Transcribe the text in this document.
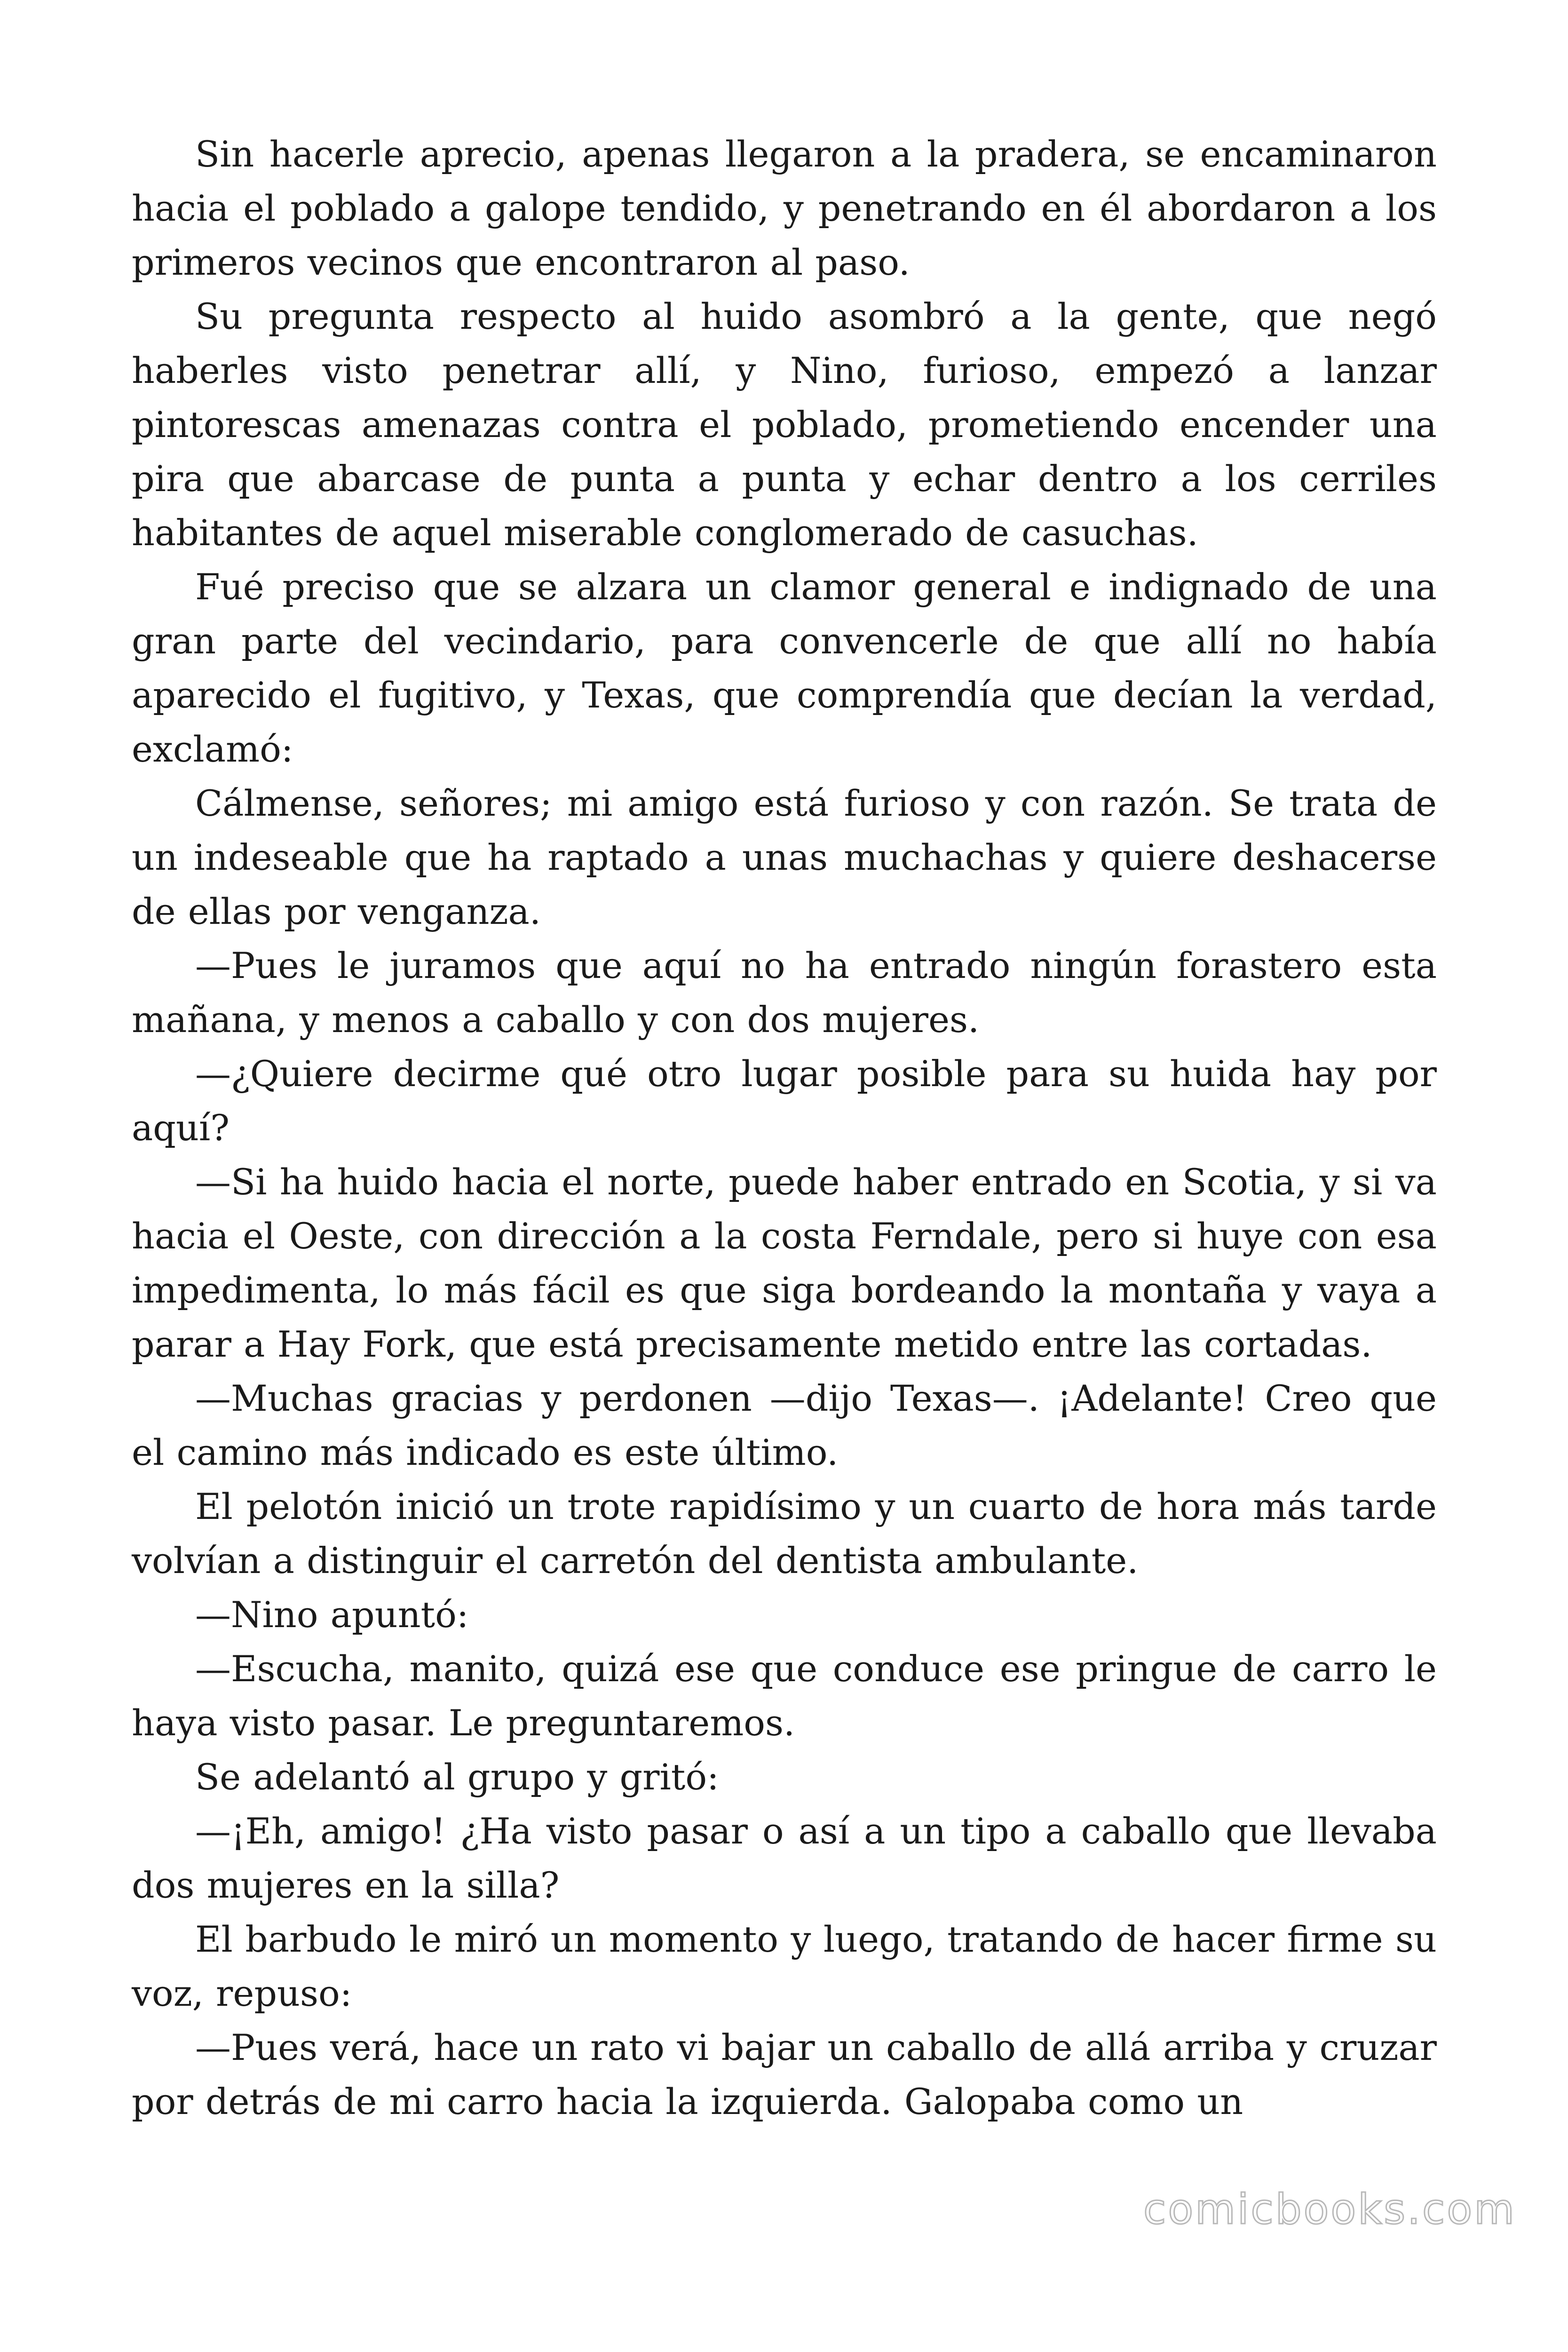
Sin hacerle aprecio, apenas llegaron a la pradera, se encaminaron hacia el poblado a galope tendido, y penetrando en él abordaron a los primeros vecinos que encontraron al paso.

Su pregunta respecto al huido asombró a la gente, que negó haberles visto penetrar allí, y Nino, furioso, empezó a lanzar pintorescas amenazas contra el poblado, prometiendo encender una pira que abarcase de punta a punta y echar dentro a los cerriles habitantes de aquel miserable conglomerado de casuchas.

Fué preciso que se alzara un clamor general e indignado de una gran parte del vecindario, para convencerle de que allí no había aparecido el fugitivo, y Texas, que comprendía que decían la verdad, exclamó:

Cálmense, señores; mi amigo está furioso y con razón. Se trata de un indeseable que ha raptado a unas muchachas y quiere deshacerse de ellas por venganza.

—Pues le juramos que aquí no ha entrado ningún forastero esta mañana, y menos a caballo y con dos mujeres.

—¿Quiere decirme qué otro lugar posible para su huida hay por aquí?

—Si ha huido hacia el norte, puede haber entrado en Scotia, y si va hacia el Oeste, con dirección a la costa Ferndale, pero si huye con esa impedimenta, lo más fácil es que siga bordeando la montaña y vaya a parar a Hay Fork, que está precisamente metido entre las cortadas.

—Muchas gracias y perdonen —dijo Texas—. ¡Adelante! Creo que el camino más indicado es este último.

El pelotón inició un trote rapidísimo y un cuarto de hora más tarde volvían a distinguir el carretón del dentista ambulante.

—Nino apuntó:

—Escucha, manito, quizá ese que conduce ese pringue de carro le haya visto pasar. Le preguntaremos.

Se adelantó al grupo y gritó:

—¡Eh, amigo! ¿Ha visto pasar o así a un tipo a caballo que llevaba dos mujeres en la silla?

El barbudo le miró un momento y luego, tratando de hacer firme su voz, repuso:

—Pues verá, hace un rato vi bajar un caballo de allá arriba y cruzar por detrás de mi carro hacia la izquierda. Galopaba como un

comicbooks.com
